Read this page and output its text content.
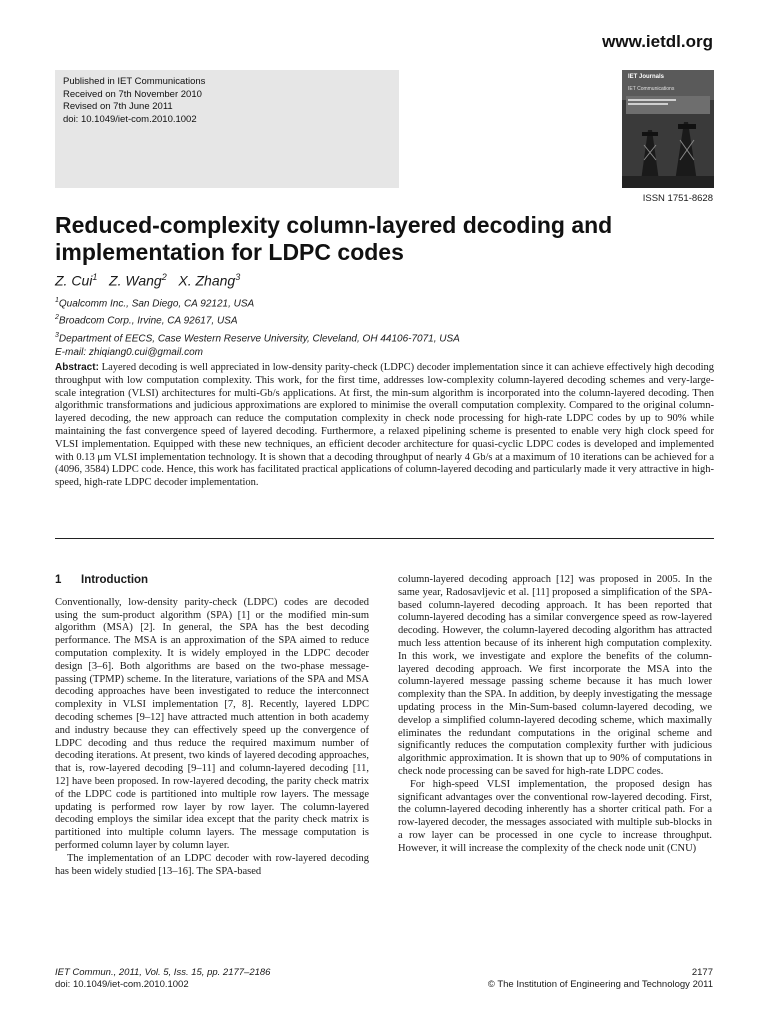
www.ietdl.org
Published in IET Communications
Received on 7th November 2010
Revised on 7th June 2011
doi: 10.1049/iet-com.2010.1002
IET Journals
IET Communications
ISSN 1751-8628
Reduced-complexity column-layered decoding and implementation for LDPC codes
Z. Cui$^1$ Z. Wang$^2$ X. Zhang$^3$
$^1$Qualcomm Inc., San Diego, CA 92121, USA
$^2$Broadcom Corp., Irvine, CA 92617, USA
$^3$Department of EECS, Case Western Reserve University, Cleveland, OH 44106-7071, USA
E-mail: zhiqiang0.cui@gmail.com
Abstract: Layered decoding is well appreciated in low-density parity-check (LDPC) decoder implementation since it can achieve effectively high decoding throughput with low computation complexity. This work, for the first time, addresses low-complexity column-layered decoding schemes and very-large-scale integration (VLSI) architectures for multi-Gb/s applications. At first, the min-sum algorithm is incorporated into the column-layered decoding. Then algorithmic transformations and judicious approximations are explored to minimise the overall computation complexity. Compared to the original column-layered decoding, the new approach can reduce the computation complexity in check node processing for high-rate LDPC codes by up to 90% while maintaining the fast convergence speed of layered decoding. Furthermore, a relaxed pipelining scheme is presented to enable very high clock speed for VLSI implementation. Equipped with these new techniques, an efficient decoder architecture for quasi-cyclic LDPC codes is developed and implemented with 0.13 μm VLSI implementation technology. It is shown that a decoding throughput of nearly 4 Gb/s at a maximum of 10 iterations can be achieved for a (4096, 3584) LDPC code. Hence, this work has facilitated practical applications of column-layered decoding and particularly made it very attractive in high-speed, high-rate LDPC decoder implementation.
1 Introduction
Conventionally, low-density parity-check (LDPC) codes are decoded using the sum-product algorithm (SPA) [1] or the modified min-sum algorithm (MSA) [2]. In general, the SPA has the best decoding performance. The MSA is an approximation of the SPA aimed to reduce computation complexity. It is widely employed in the LDPC decoder design [3–6]. Both algorithms are based on the two-phase message-passing (TPMP) scheme. In the literature, variations of the SPA and MSA decoding approaches have been investigated to reduce the interconnect complexity in VLSI implementation [7, 8]. Recently, layered LDPC decoding schemes [9–12] have attracted much attention in both academy and industry because they can effectively speed up the convergence of LDPC decoding and thus reduce the required maximum number of decoding iterations. At present, two kinds of layered decoding approaches, that is, row-layered decoding [9–11] and column-layered decoding [11, 12] have been proposed. In row-layered decoding, the parity check matrix of the LDPC code is partitioned into multiple row layers. The message updating is performed row layer by row layer. The column-layered decoding employs the similar idea except that the parity check matrix is partitioned into multiple column layers. The message computation is performed column layer by column layer.
The implementation of an LDPC decoder with row-layered decoding has been widely studied [13–16]. The SPA-based
column-layered decoding approach [12] was proposed in 2005. In the same year, Radosavljevic et al. [11] proposed a simplification of the SPA-based column-layered decoding approach. It has been reported that column-layered decoding has a similar convergence speed as row-layered decoding. However, the column-layered decoding algorithm has attracted much less attention because of its inherent high computation complexity. In this work, we investigate and explore the benefits of the column-layered decoding approach. We first incorporate the MSA into the column-layered message passing scheme because it has much lower complexity than the SPA. In addition, by deeply investigating the message updating process in the Min-Sum-based column-layered decoding, we develop a simplified column-layered decoding scheme, which maximally eliminates the redundant computations in the original scheme and significantly reduces the computation complexity further with judicious algorithmic approximation. It is shown that up to 90% of computations in check node processing can be saved for high-rate LDPC codes.
For high-speed VLSI implementation, the proposed design has significant advantages over the conventional row-layered decoding. First, the column-layered decoding inherently has a shorter critical path. For a row-layered decoder, the messages associated with multiple sub-blocks in a row layer can be processed in one cycle to increase throughput. However, it will increase the complexity of the check node unit (CNU)
IET Commun., 2011, Vol. 5, Iss. 15, pp. 2177–2186
doi: 10.1049/iet-com.2010.1002
2177
© The Institution of Engineering and Technology 2011
